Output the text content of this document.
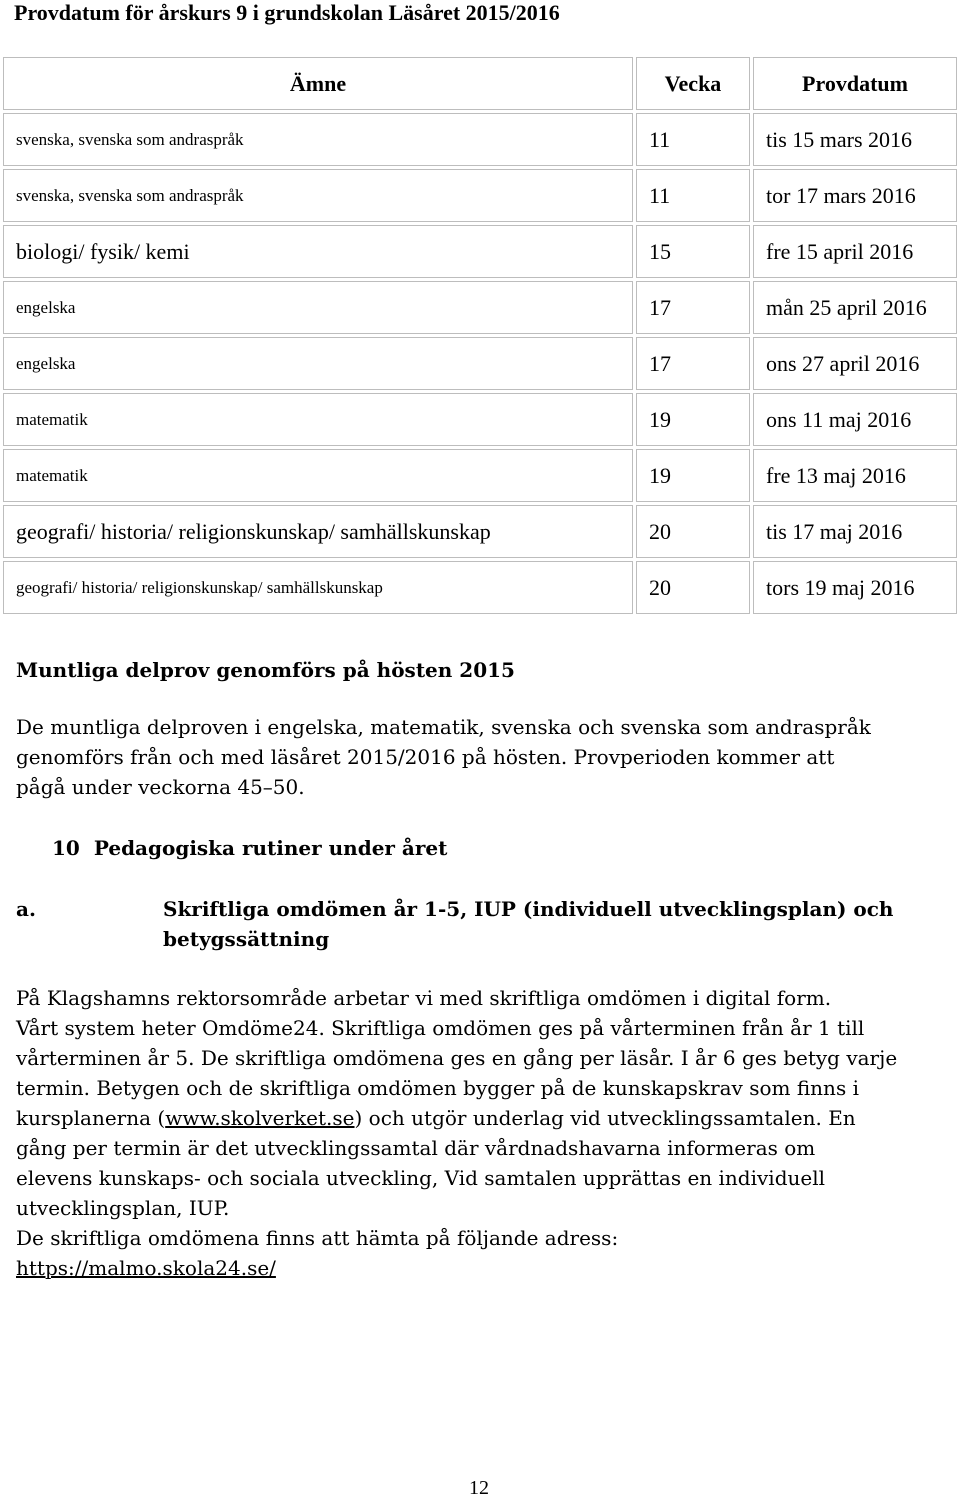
Provdatum för årskurs 9 i grundskolan Läsåret 2015/2016
Ämne	Vecka	Provdatum
svenska, svenska som andraspråk	11	tis 15 mars 2016
svenska, svenska som andraspråk	11	tor 17 mars 2016
biologi/ fysik/ kemi	15	fre 15 april 2016
engelska	17	mån 25 april 2016
engelska	17	ons 27 april 2016
matematik	19	ons 11 maj 2016
matematik	19	fre 13 maj 2016
geografi/ historia/ religionskunskap/ samhällskunskap	20	tis 17 maj 2016
geografi/ historia/ religionskunskap/ samhällskunskap	20	tors 19 maj 2016
Muntliga delprov genomförs på hösten 2015
De muntliga delproven i engelska, matematik, svenska och svenska som andraspråk
genomförs från och med läsåret 2015/2016 på hösten. Provperioden kommer att
pågå under veckorna 45–50.
10 Pedagogiska rutiner under året
a.	Skriftliga omdömen år 1-5, IUP (individuell utvecklingsplan) och
betygssättning
På Klagshamns rektorsområde arbetar vi med skriftliga omdömen i digital form.
Vårt system heter Omdöme24. Skriftliga omdömen ges på vårterminen från år 1 till
vårterminen år 5. De skriftliga omdömena ges en gång per läsår. I år 6 ges betyg varje
termin. Betygen och de skriftliga omdömen bygger på de kunskapskrav som finns i
kursplanerna (www.skolverket.se) och utgör underlag vid utvecklingssamtalen. En
gång per termin är det utvecklingssamtal där vårdnadshavarna informeras om
elevens kunskaps- och sociala utveckling, Vid samtalen upprättas en individuell
utvecklingsplan, IUP.
De skriftliga omdömena finns att hämta på följande adress:
https://malmo.skola24.se/
12
